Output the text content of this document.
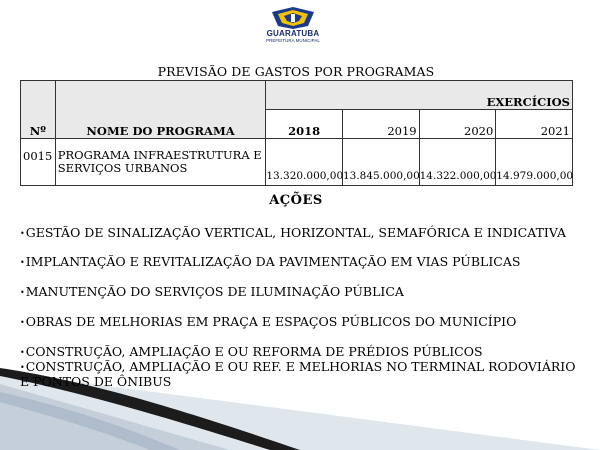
GUARATUBA
PREFEITURA MUNICIPAL
PREVISÃO DE GASTOS POR PROGRAMAS
Nº	NOME DO PROGRAMA	EXERCÍCIOS			
		2018	2019	2020	2021
0015	PROGRAMA INFRAESTRUTURA E SERVIÇOS URBANOS	13.320.000,00	13.845.000,00	14.322.000,00	14.979.000,00
AÇÕES
•GESTÃO DE SINALIZAÇÃO VERTICAL, HORIZONTAL, SEMAFÓRICA E INDICATIVA
•IMPLANTAÇÃO E REVITALIZAÇÃO DA PAVIMENTAÇÃO EM VIAS PÚBLICAS
•MANUTENÇÃO DO SERVIÇOS DE ILUMINAÇÃO PÚBLICA
•OBRAS DE MELHORIAS EM PRAÇA E ESPAÇOS PÚBLICOS DO MUNICÍPIO
•CONSTRUÇÃO, AMPLIAÇÃO E OU REFORMA DE PRÉDIOS PÚBLICOS
•CONSTRUÇÃO, AMPLIAÇÃO E OU REF. E MELHORIAS NO TERMINAL RODOVIÁRIO E PONTOS DE ÔNIBUS
